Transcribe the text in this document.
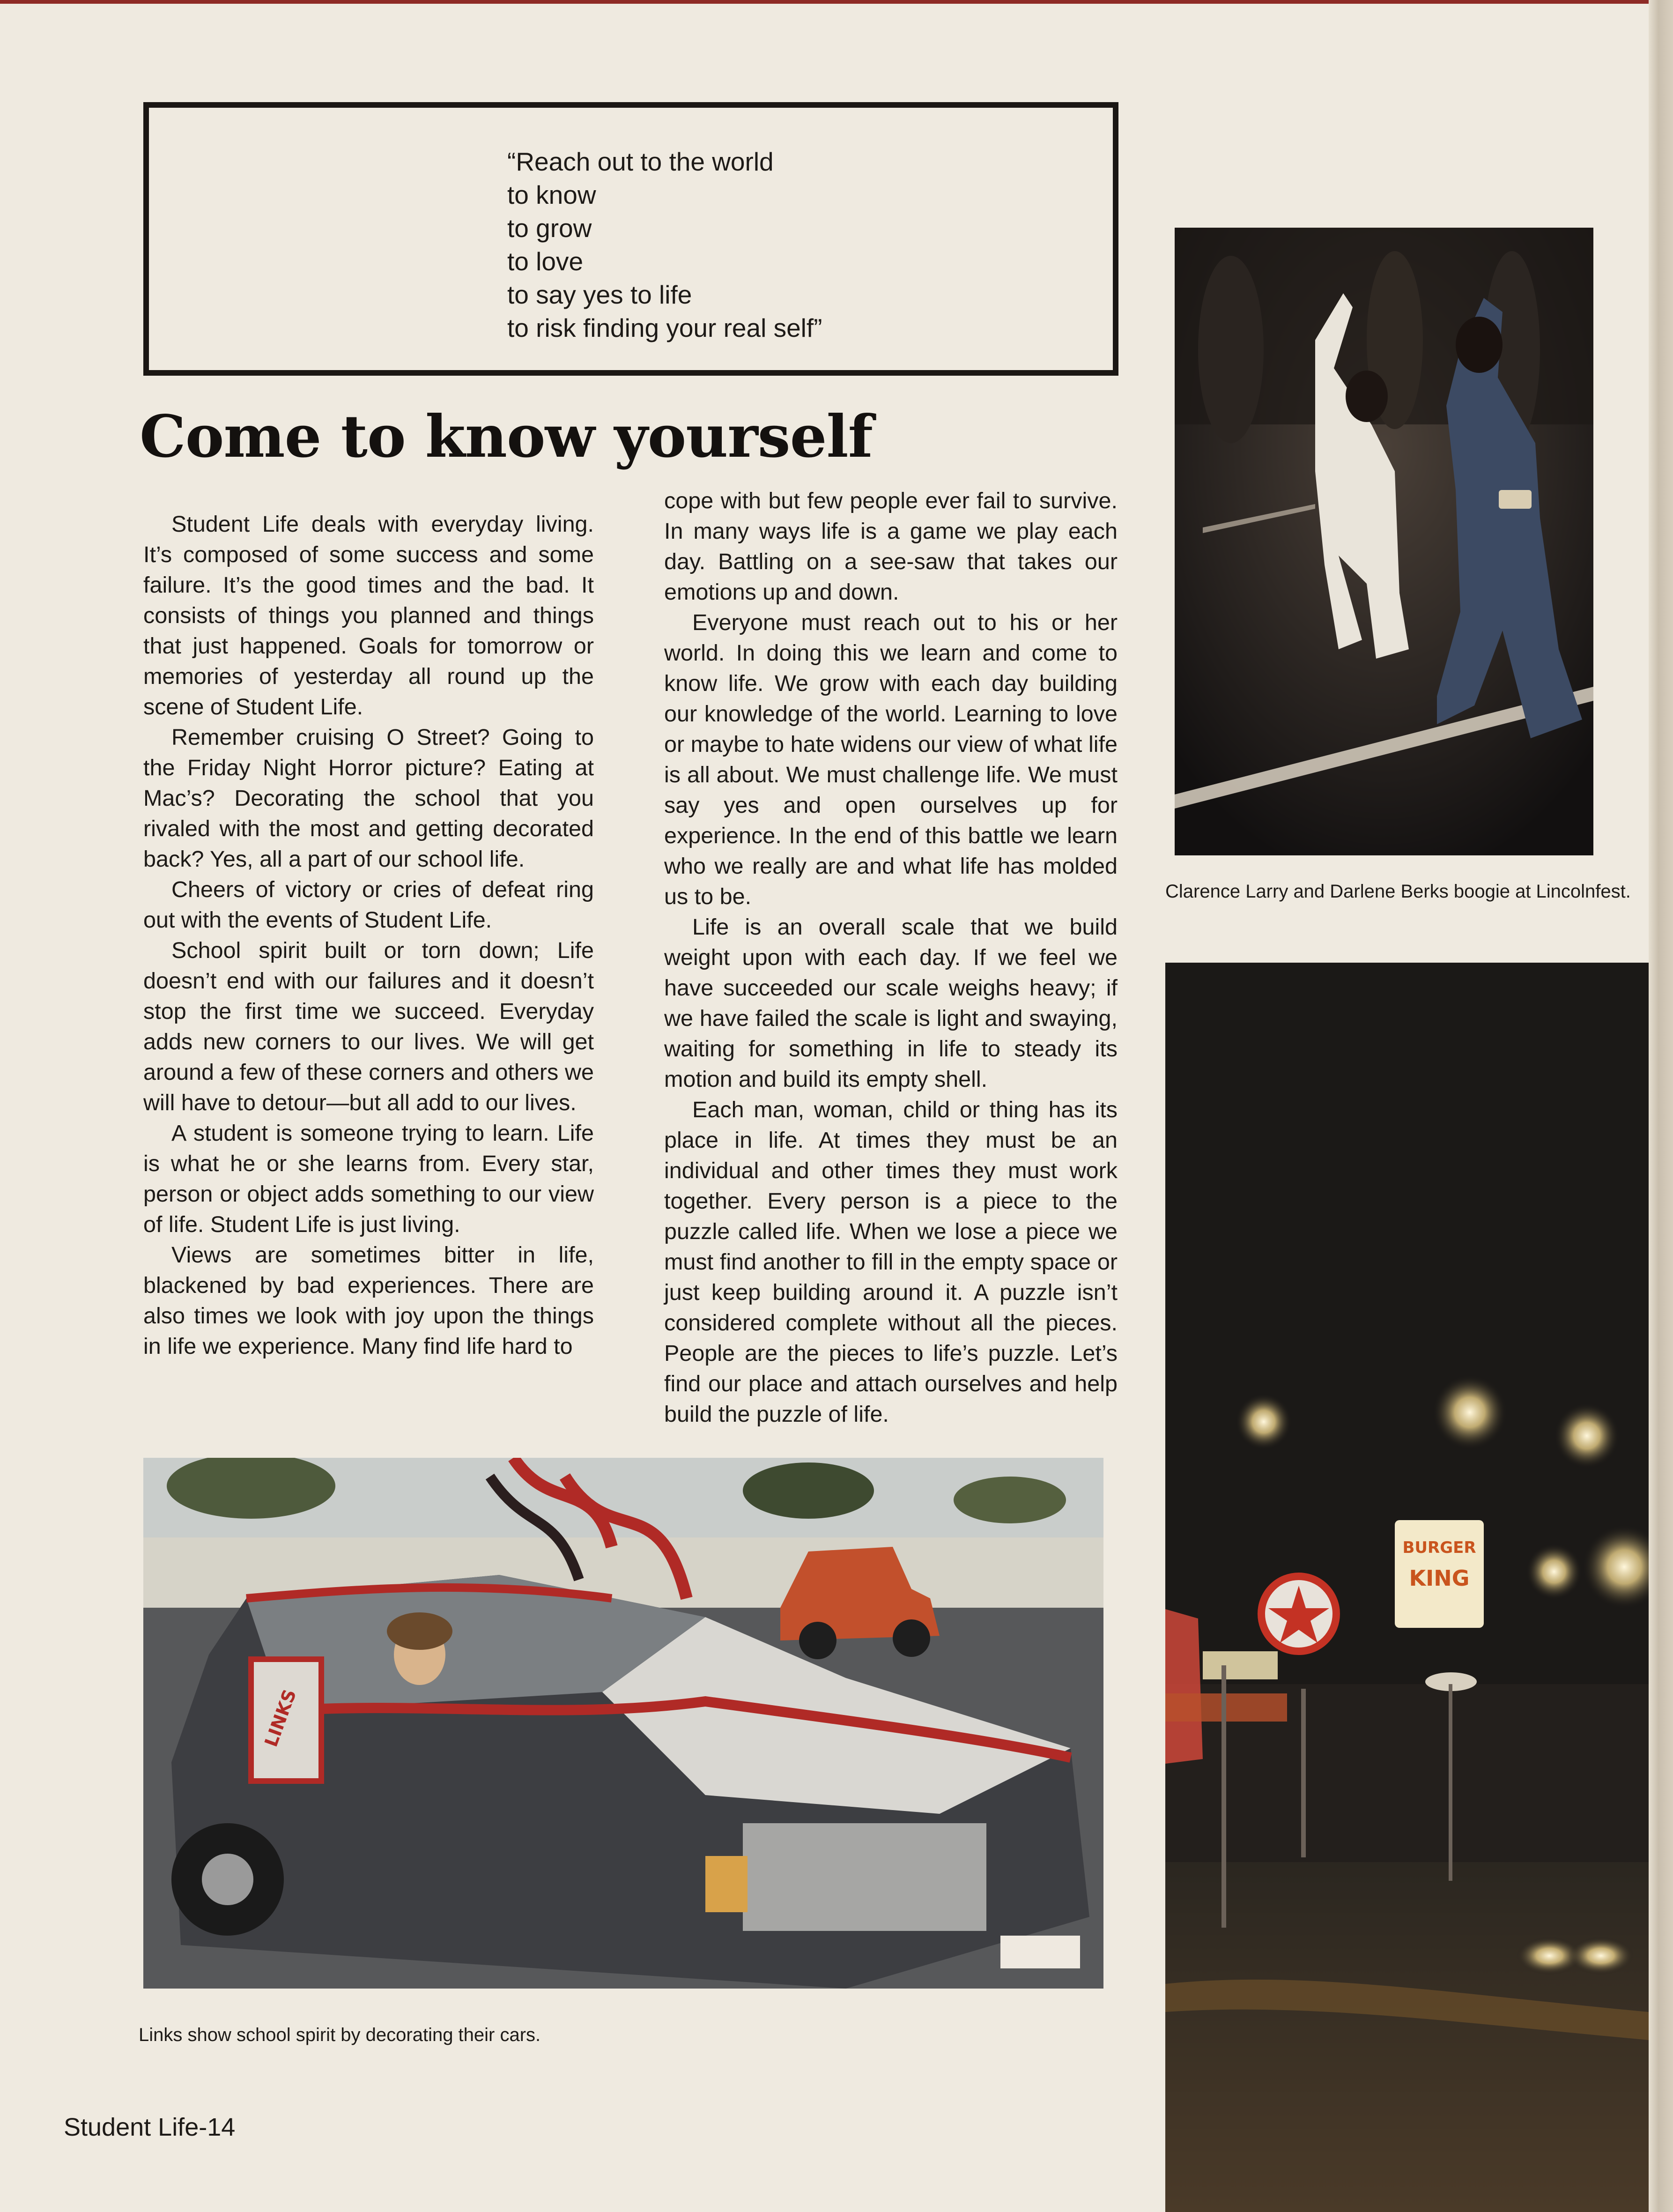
“Reach out to the world
to know
to grow
to love
to say yes to life
to risk finding your real self”
Come to know yourself

Student Life deals with everyday living. It’s composed of some success and some failure. It’s the good times and the bad. It consists of things you planned and things that just happened. Goals for tomorrow or memories of yesterday all round up the scene of Student Life.

Remember cruising O Street? Going to the Friday Night Horror picture? Eating at Mac’s? Decorating the school that you rivaled with the most and getting decorated back? Yes, all a part of our school life.

Cheers of victory or cries of defeat ring out with the events of Student Life.

School spirit built or torn down; Life doesn’t end with our failures and it doesn’t stop the first time we succeed. Everyday adds new corners to our lives. We will get around a few of these corners and others we will have to detour—but all add to our lives.

A student is someone trying to learn. Life is what he or she learns from. Every star, person or object adds something to our view of life. Student Life is just living.

Views are sometimes bitter in life, blackened by bad experiences. There are also times we look with joy upon the things in life we experience. Many find life hard to

cope with but few people ever fail to survive. In many ways life is a game we play each day. Battling on a see-saw that takes our emotions up and down.

Everyone must reach out to his or her world. In doing this we learn and come to know life. We grow with each day building our knowledge of the world. Learning to love or maybe to hate widens our view of what life is all about. We must challenge life. We must say yes and open ourselves up for experience. In the end of this battle we learn who we really are and what life has molded us to be.

Life is an overall scale that we build weight upon with each day. If we feel we have succeeded our scale weighs heavy; if we have failed the scale is light and swaying, waiting for something in life to steady its motion and build its empty shell.

Each man, woman, child or thing has its place in life. At times they must be an individual and other times they must work together. Every person is a piece to the puzzle called life. When we lose a piece we must find another to fill in the empty space or just keep building around it. A puzzle isn’t considered complete without all the pieces. People are the pieces to life’s puzzle. Let’s find our place and attach ourselves and help build the puzzle of life.

Clarence Larry and Darlene Berks boogie at Lincolnfest.
LINKS
Links show school spirit by decorating their cars.
BURGER
KING
Student Life-14
